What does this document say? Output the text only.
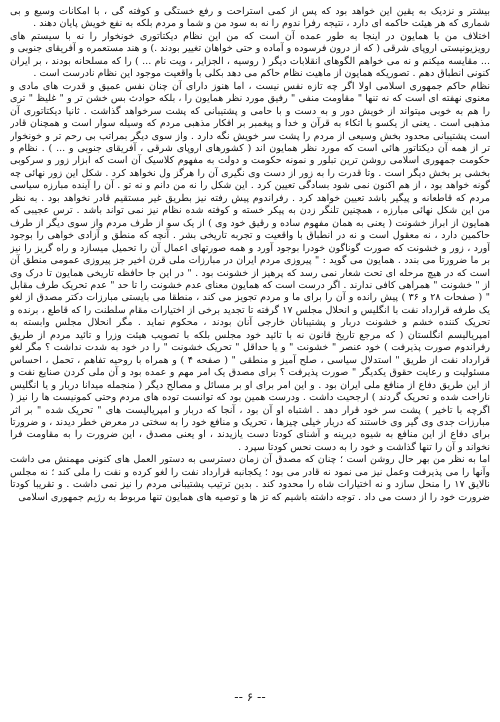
بیشتر و نزدیک به یقین این خواهد بود که پس از کمی استراحت و رفع خستگی و کوفته گی ، با امکانات وسیع و بی شماری که هر هیئت حاکمه ای دارد ، نتیجه رفرا ندوم را نه به سود من و شما و مردم بلکه به نفع خویش پایان دهند .

اختلاف من با همایون در اینجا به طور عمده آن است که من این نظام دیکتاتوری خونخوار را نه با سیستم های رویزیونیستی اروپای شرقی ( که از درون فرسوده و آماده و حتی خواهان تغییر بودند .) و هند مستعمره و آفریقای جنوبی و ... مقایسه میکنم و نه می خواهم الگوهای انقلابات دیگر ( روسیه ، الجزایر ، ویت نام ... ) را که مسلحانه بودند ، بر ایران کنونی انطباق دهم . تصوریکه همایون از ماهیت نظام حاکم می دهد بکلی با واقعیت موجود این نظام نادرست است .

نظام حاکم جمهوری اسلامی اولا اگر چه تازه نفس نیست ، اما هنوز دارای آن چنان نفس عمیق و قدرت های مادی و معنوی نهفته ای است که نه تنها " مقاومت منفی " رفیق مورد نظر همایون را ، بلکه حوادث بس خشن تر و " غلیظ " تری را هم به خوبی میتواند از خویش دور و به دست و با حامی و پشتیبانی که پشت سرخواهد گذاشت . ثانیا دیکتاتوری آن مذهبی است . یعنی از یکسو با اتکاء به قرآن و خدا و پیغمبر بر افکار مذهبی مردم که وسیله سوار است و همچنان قادر است پشتیبانی محدود بخش وسیعی از مردم را پشت سر خویش نگه دارد . واز سوی دیگر بمراتب بی رحم تر و خونخوار تر از همه آن دیکتاتور هائی است که مورد نظر همایون اند ( کشورهای اروپای شرقی ، آفریقای جنوبی و ... ) . نظام و حکومت جمهوری اسلامی روشن ترین تبلور و نمونه حکومت و دولت به مفهوم کلاسیک آن است که ابزار زور و سرکوبی بخشی بر بخش دیگر است . وتا قدرت را به زور از دست وی نگیری آن را هرگز ول نخواهد کرد . شکل این زور نهائی چه گونه خواهد بود ، از هم اکنون نمی شود بسادگی تعیین کرد . این شکل را نه من دانم و نه تو . آن را آینده مبارزه سیاسی مردم که قاطعانه و پیگیر باشد تعیین خواهد کرد . رفراندوم پیش رفته نیز بطریق غیر مستقیم قادر نخواهد بود . به نظر من این شکل نهائی مبارزه ، همچنین تلنگر زدن به پیکر خسته و کوفته شده نظام نیز نمی تواند باشد . ترس عجیبی که همایون از ابراز خشونت ( یعنی به همان مفهوم ساده و رقیق خود وی ) از یک سو از طرف مردم واز سوی دیگر از طرف حاکمین دارد ، نه معقول است و نه در انطباق با واقعیت و تجربه تاریخی بشر . آنچه که منطق و آزادی خواهی را بوجود آورد ، زور و خشونت که صورت گوناگون خودرا بوجود آورد و همه صورتهای اعمال آن را تحمیل میسازد و راه گریز را نیز بر ما ضرورتا می بندد . همایون می گوید : " پیروزی مردم ایران در مبارزات ملی قرن اخیر جز پیروزی عمومی منطق آن است که در هیچ مرحله ای تحت شعار نمی رسد که پرهیز از خشونت بود . " در این جا حافظه تاریخی همایون تا درک وی از " خشونت " همراهی کافی ندارند . اگر درست است که همایون معنای عدم خشونت را تا حد " عدم تحریک طرف مقابل " ( صفحات ٢٨ و ٣۶ ) پیش رانده و آن را برای ما و مردم تجویز می کند ، منطقا می بایستی مبارزات دکتر مصدق از لغو یک طرفه قرارداد نفت با انگلیس و انحلال مجلس ١٧ گرفته تا تجدید برخی از اختیارات مقام سلطنت را که قاطع ، برنده و تحریک کننده خشم و خشونت دربار و پشتیبانان خارجی آنان بودند ، محکوم نماید . مگر انحلال مجلس وابسته به امپریالیسم انگلستان ( که مرجع تاریخ قانون نه با تائید خود مجلس بلکه با تصویب هیئت وزرا و تائید مردم از طریق رفراندوم صورت پذیرفت ) خود عنصر " خشونت " و یا حداقل " تحریک خشونت " را در خود به شدت نداشت ؟ مگر لغو قرارداد نفت از طریق " استدلال سیاسی ، صلح آمیز و منطقی " ( صفحه ۴ ) و همراه با روحیه تفاهم ، تحمل ، احساس مسئولیت و رعایت حقوق یکدیگر " صورت پذیرفت ؟ برای مصدق یک امر مهم و عمده بود و آن ملی کردن صنایع نفت و از این طریق دفاع از منافع ملی ایران بود . و این امر برای او بر مسائل و مصالح دیگر ( منجمله میدانا دربار و یا انگلیس ناراحت شده و تحریک گردند ) ارجحیت داشت . ودرست همین بود که توانست توده های مردم وحتی کمونیست ها را نیز ( اگرچه با تاخیر ) پشت سر خود قرار دهد . اشتباه او آن بود ، آنجا که دربار و امپریالیست های " تحریک شده " بر اثر مبارزات جدی وی گیر وی خاستند که دربار خیلی چیزها ، تحریک و منافع خود را به سختی در معرض خطر دیدند ، و ضرورتا برای دفاع از این منافع به شیوه دیرینه و آشنای کودتا دست یازیدند ، او یعنی مصدق ، این ضرورت را به مقاومت فرا نخواند و آن را تنها گذاشت و خود را به دست نحس کودتا سپرد .

اما به نظر من بهر حال روشن است ؛ چنان که مصدق آن زمان دسترسی به دستور العمل های کنونی مهمنش می داشت وآنها را می پذیرفت وعمل نیز می نمود نه قادر می بود ؛ یکجانبه قرارداد نفت را لغو کرده و نفت را ملی کند ؛ نه مجلس نالایق ١٧ را منحل سازد و نه اختیارات شاه را محدود کند . بدین ترتیب پشتیبانی مردم را نیز نمی داشت . و تقریبا کودتا ضرورت خود را از دست می داد . توجه داشته باشیم که تز ها و توصیه های همایون تنها مربوط به رژیم جمهوری اسلامی

-- ۶ --
